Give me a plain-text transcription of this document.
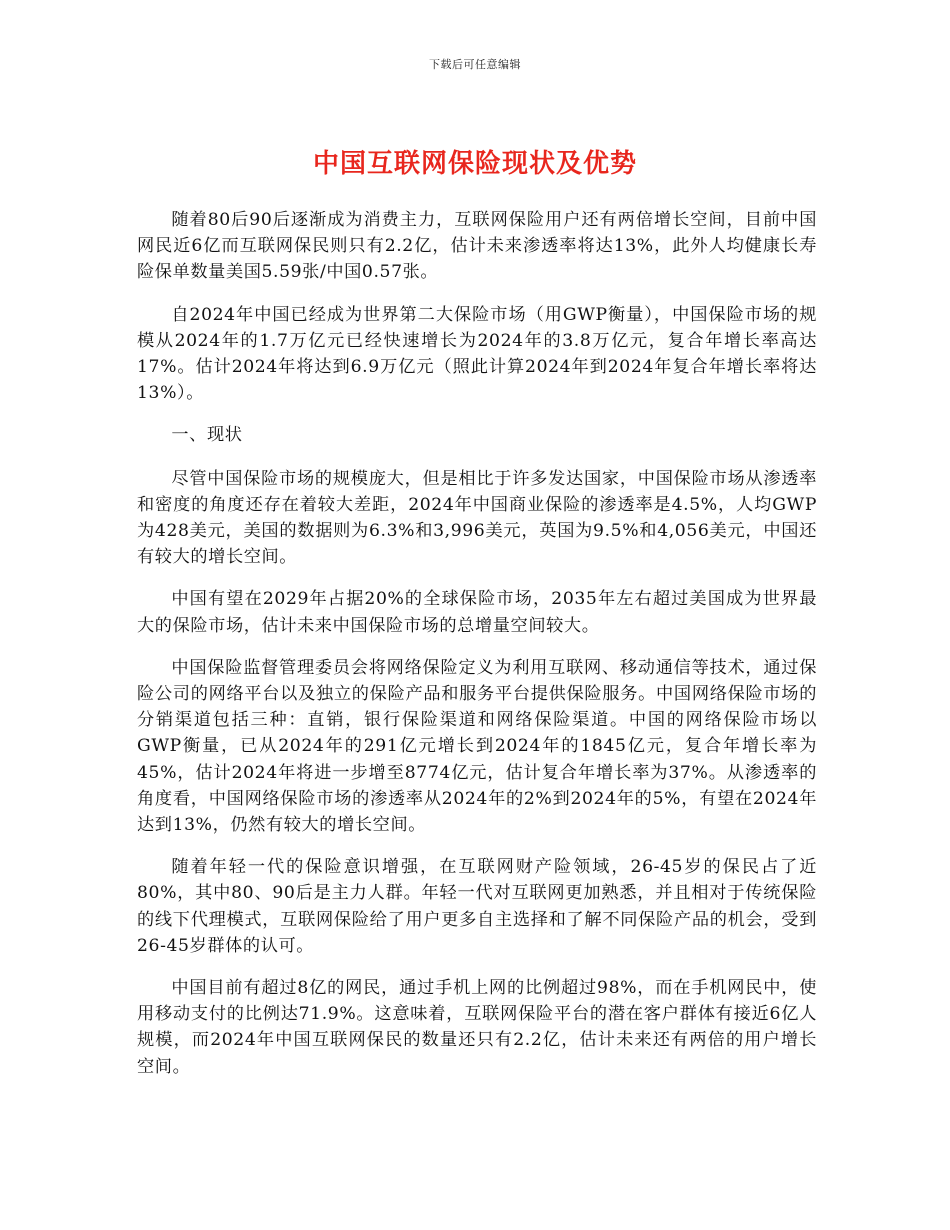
下载后可任意编辑
中国互联网保险现状及优势

随着80后90后逐渐成为消费主力，互联网保险用户还有两倍增长空间，目前中国网民近6亿而互联网保民则只有2.2亿，估计未来渗透率将达13%，此外人均健康长寿险保单数量美国5.59张/中国0.57张。

自2024年中国已经成为世界第二大保险市场（用GWP衡量），中国保险市场的规模从2024年的1.7万亿元已经快速增长为2024年的3.8万亿元，复合年增长率高达17%。估计2024年将达到6.9万亿元（照此计算2024年到2024年复合年增长率将达13%）。

一、现状

尽管中国保险市场的规模庞大，但是相比于许多发达国家，中国保险市场从渗透率和密度的角度还存在着较大差距，2024年中国商业保险的渗透率是4.5%，人均GWP为428美元，美国的数据则为6.3%和3,996美元，英国为9.5%和4,056美元，中国还有较大的增长空间。

中国有望在2029年占据20%的全球保险市场，2035年左右超过美国成为世界最大的保险市场，估计未来中国保险市场的总增量空间较大。

中国保险监督管理委员会将网络保险定义为利用互联网、移动通信等技术，通过保险公司的网络平台以及独立的保险产品和服务平台提供保险服务。中国网络保险市场的分销渠道包括三种：直销，银行保险渠道和网络保险渠道。中国的网络保险市场以GWP衡量，已从2024年的291亿元增长到2024年的1845亿元，复合年增长率为45%，估计2024年将进一步增至8774亿元，估计复合年增长率为37%。从渗透率的角度看，中国网络保险市场的渗透率从2024年的2%到2024年的5%，有望在2024年达到13%，仍然有较大的增长空间。

随着年轻一代的保险意识增强，在互联网财产险领域，26-45岁的保民占了近80%，其中80、90后是主力人群。年轻一代对互联网更加熟悉，并且相对于传统保险的线下代理模式，互联网保险给了用户更多自主选择和了解不同保险产品的机会，受到26-45岁群体的认可。

中国目前有超过8亿的网民，通过手机上网的比例超过98%，而在手机网民中，使用移动支付的比例达71.9%。这意味着，互联网保险平台的潜在客户群体有接近6亿人规模，而2024年中国互联网保民的数量还只有2.2亿，估计未来还有两倍的用户增长空间。
